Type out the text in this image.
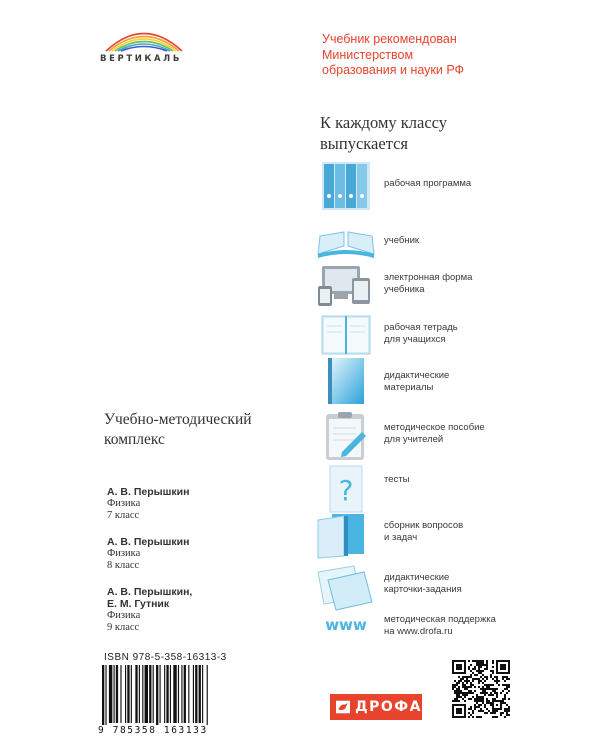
ВЕРТИКАЛЬ
Учебник рекомендован
Министерством
образования и науки РФ
К каждому классу
выпускается
рабочая программа
учебник
электронная форма
учебника
рабочая тетрадь
для учащихся
дидактические
материалы
методическое пособие
для учителей
?	тесты
сборник вопросов
и задач
дидактические
карточки-задания
www методическая поддержка
на www.drofa.ru
Учебно-методический
комплекс
А. В. Перышкин
Физика
7 класс
А. В. Перышкин
Физика
8 класс
А. В. Перышкин,
Е. М. Гутник
Физика
9 класс
ISBN 978-5-358-16313-3
9 785358 163133
ДРОФА
